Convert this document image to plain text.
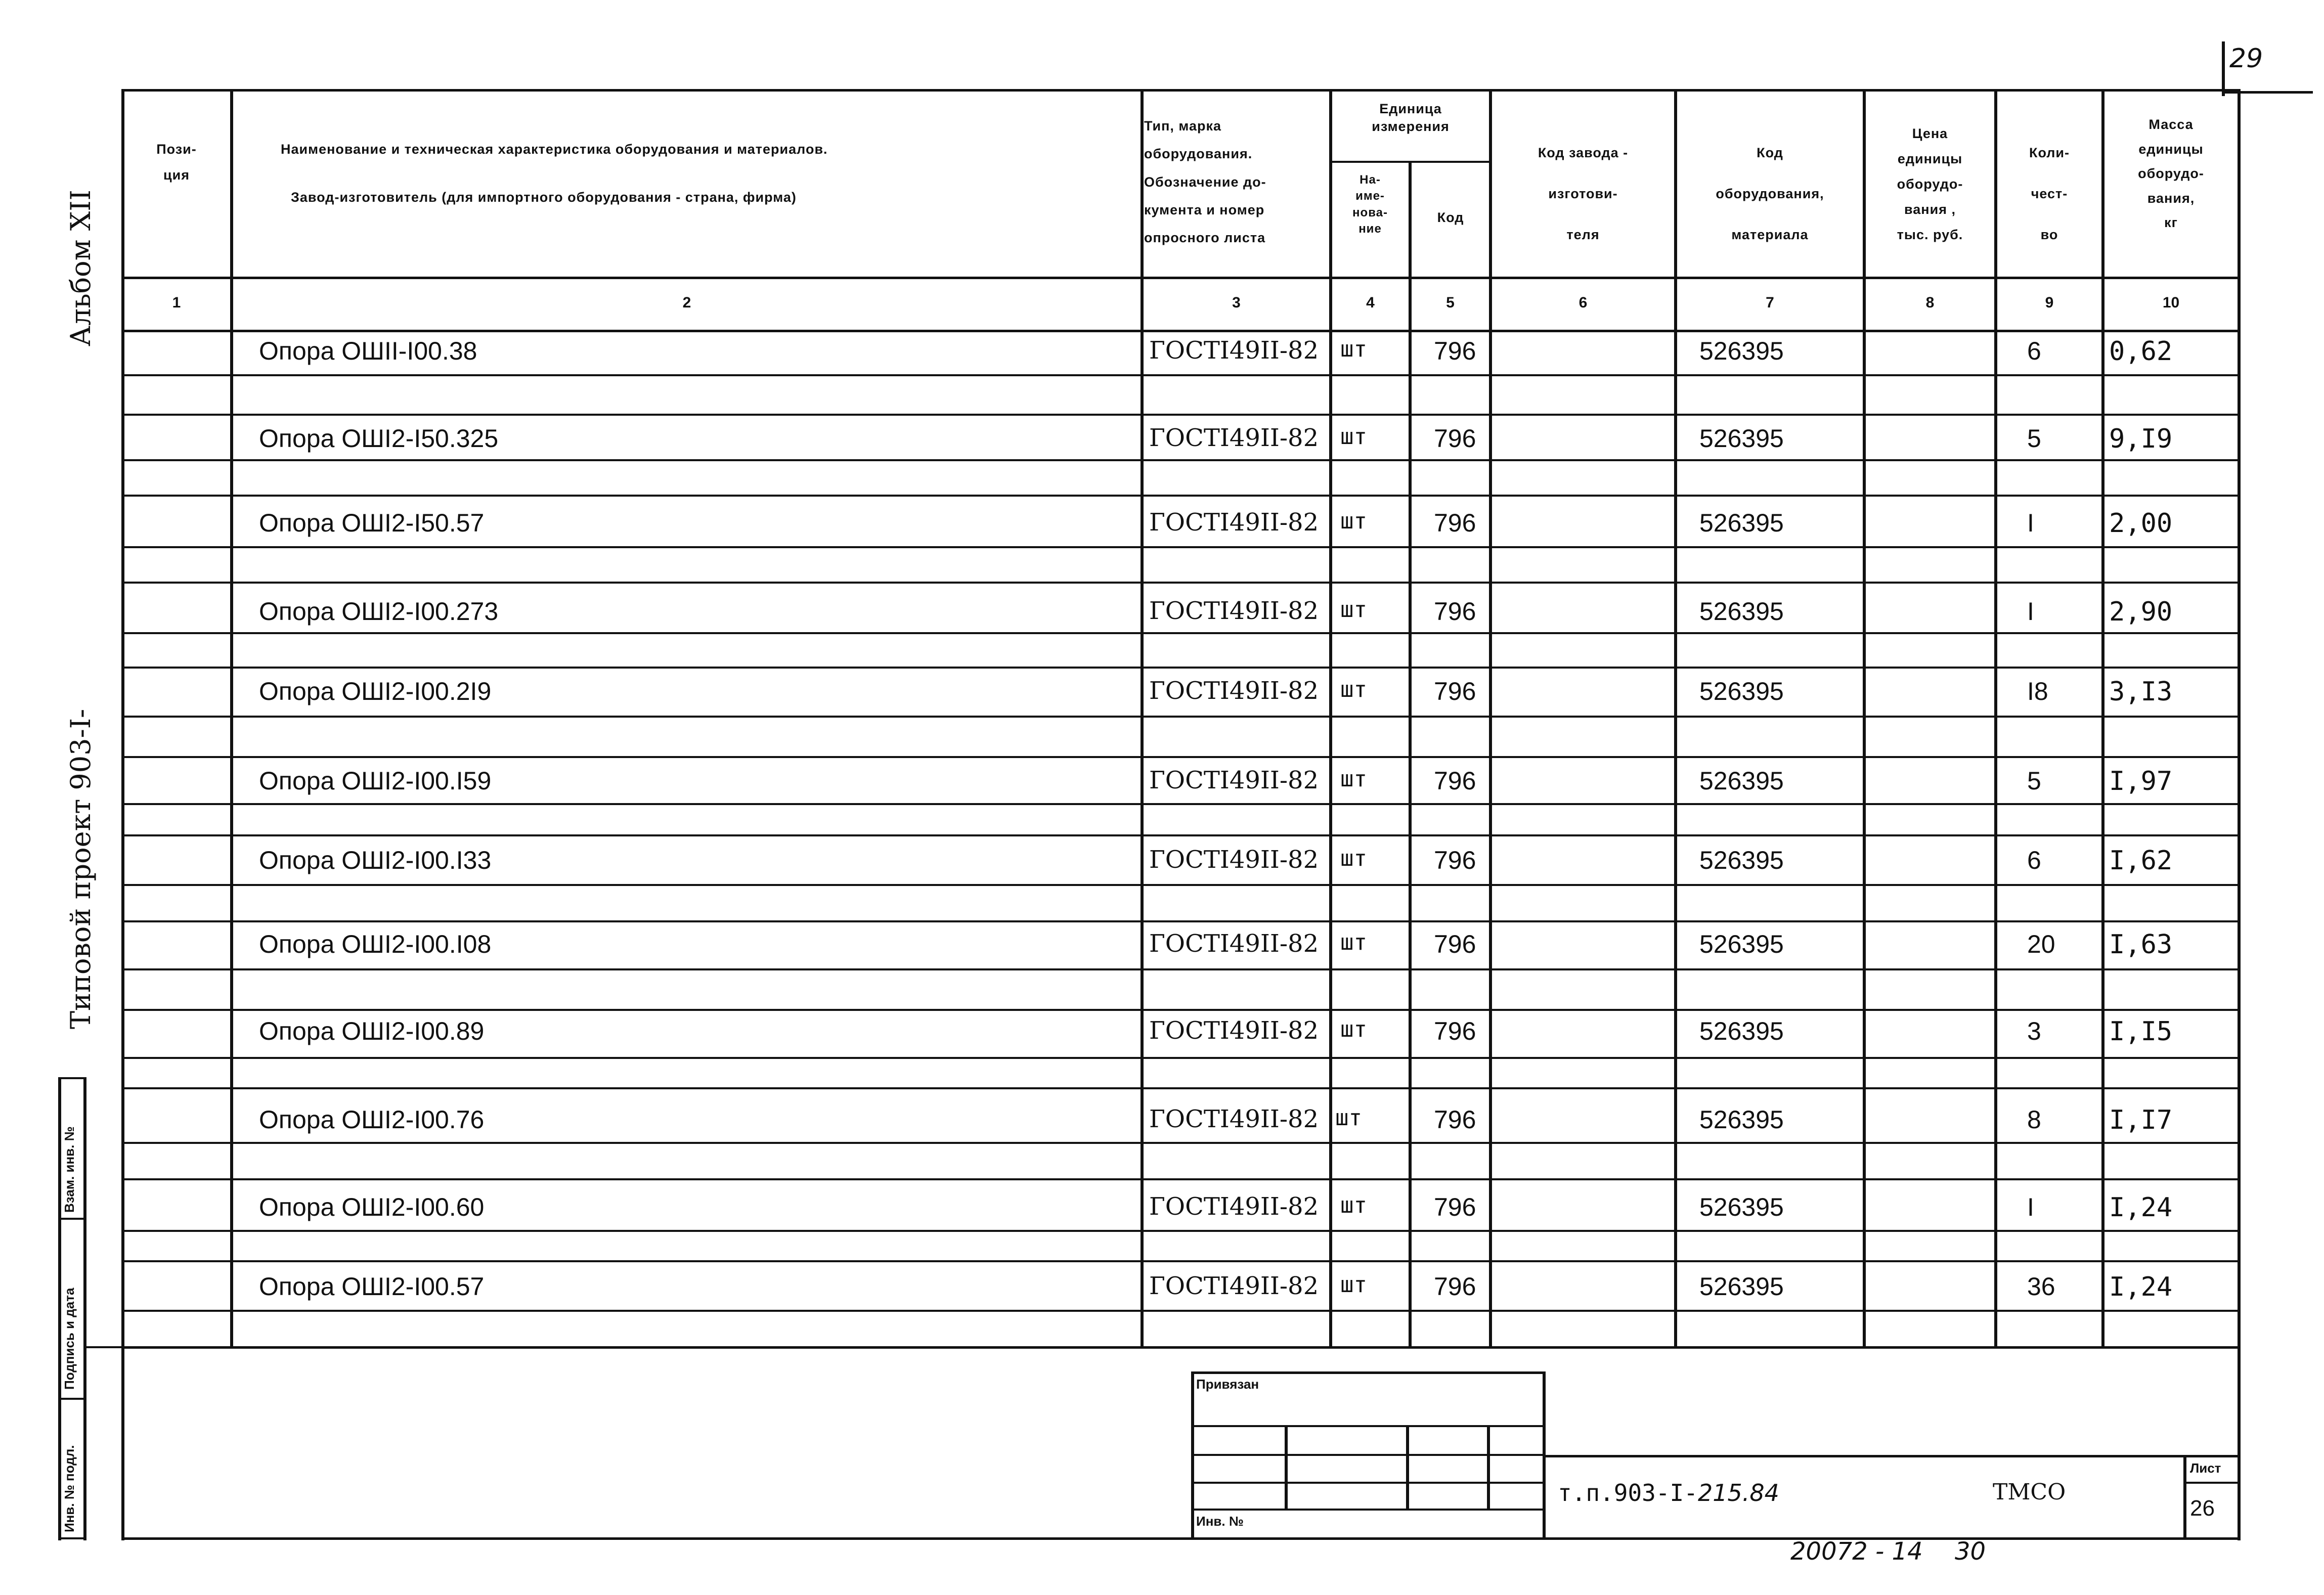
29
Привязан
Инв. №
т.п.903-I-215.84	ТМСО
Лист
26
20072 - 14 30
Взам. инв. №
Подпись и дата
Инв. № подл.
Альбом XII
Типовой проект 903-I-
Пози-
ция
Наименование и техническая характеристика оборудования и материалов.
Завод-изготовитель (для импортного оборудования - страна, фирма)
Тип, марка
оборудования.
Обозначение до-
кумента и номер
опросного листа
Единица
измерения
На-
име-
нова-
ние
Код
Код завода -
изготови-
теля
Код
оборудования,
материала
Цена
единицы
оборудо-
вания ,
тыс. руб.
Коли-
чест-
во
Масса
единицы
оборудо-
вания,
кг
1	2	3	4	5	6	7	8	9	10
Опора ОШII-I00.38	ГОСТI49II-82 шт	796	526395	6	0,62
Опора ОШI2-I50.325	ГОСТI49II-82 шт	796	526395	5	9,I9
Опора ОШI2-I50.57	ГОСТI49II-82 шт	796	526395	I	2,00
Опора ОШI2-I00.273	ГОСТI49II-82 шт	796	526395	I	2,90
Опора ОШI2-I00.2I9	ГОСТI49II-82 шт	796	526395	I8 3,I3
Опора ОШI2-I00.I59	ГОСТI49II-82 шт	796	526395	5	I,97
Опора ОШI2-I00.I33	ГОСТI49II-82 шт	796	526395	6	I,62
Опора ОШI2-I00.I08	ГОСТI49II-82 шт	796	526395	20 I,63
Опора ОШI2-I00.89	ГОСТI49II-82 шт	796	526395	3	I,I5
Опора ОШI2-I00.76	ГОСТI49II-82 шт	796	526395	8	I,I7
Опора ОШI2-I00.60	ГОСТI49II-82 шт	796	526395	I	I,24
Опора ОШI2-I00.57	ГОСТI49II-82 шт	796	526395	36 I,24
